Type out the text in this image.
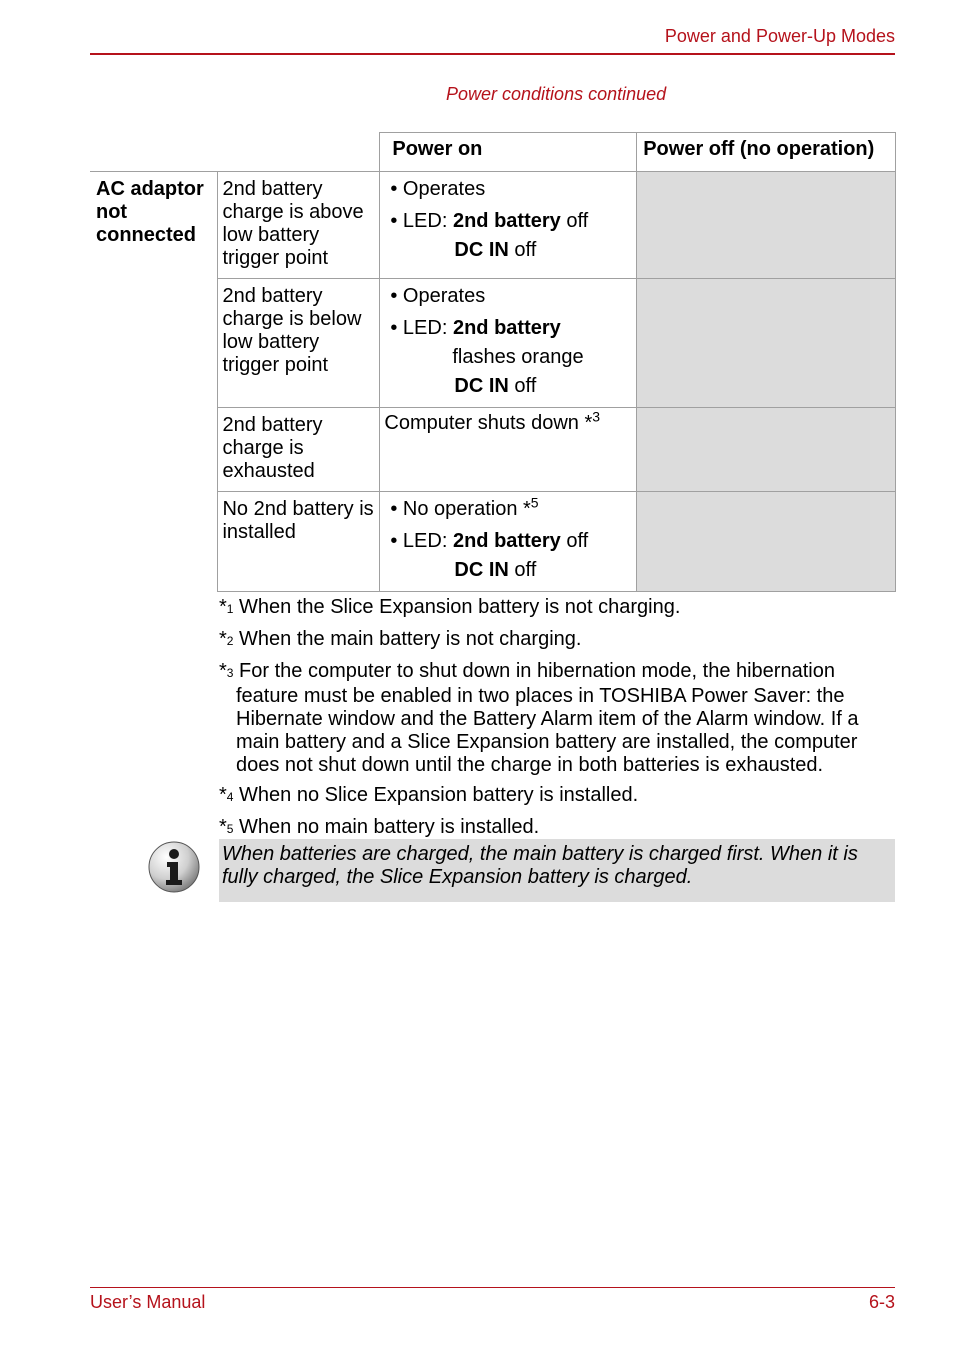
Power and Power-Up Modes
Power conditions continued
		Power on	Power off (no operation)
AC adaptor not connected	2nd battery charge is above low battery trigger point	• Operates

• LED: 2nd battery off

DC IN off	

	2nd battery charge is below low battery trigger point	• Operates

• LED: 2nd battery

flashes orange

DC IN off	

	2nd battery charge is exhausted	Computer shuts down *$^3$	
	No 2nd battery is installed	• No operation *$^5$

• LED: 2nd battery off

DC IN off	

*1 When the Slice Expansion battery is not charging.

*2 When the main battery is not charging.

*3 For the computer to shut down in hibernation mode, the hibernation feature must be enabled in two places in TOSHIBA Power Saver: the Hibernate window and the Battery Alarm item of the Alarm window. If a main battery and a Slice Expansion battery are installed, the computer does not shut down until the charge in both batteries is exhausted.

*4 When no Slice Expansion battery is installed.

*5 When no main battery is installed.

When batteries are charged, the main battery is charged first. When it is fully charged, the Slice Expansion battery is charged.
User’s Manual	6-3
